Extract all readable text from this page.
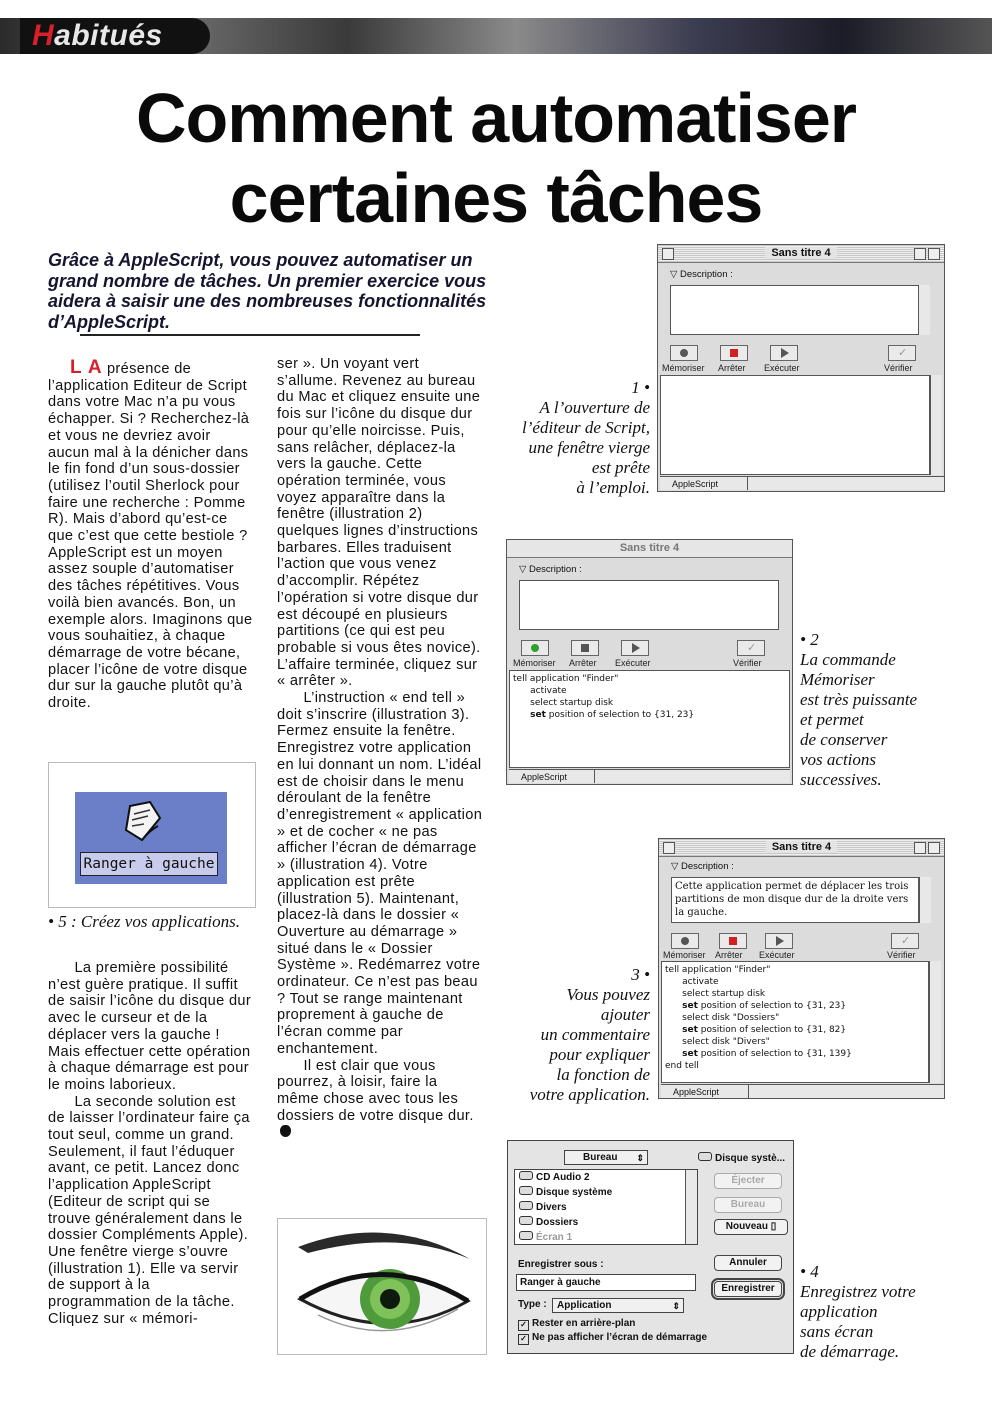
Habitués
Comment automatiser
certaines tâches
Grâce à AppleScript, vous pouvez automatiser un grand nombre de tâches. Un premier exercice vous aidera à saisir une des nombreuses fonctionnalités d’AppleScript.

L A présence de l’application Editeur de Script dans votre Mac n’a pu vous échapper. Si ? Recherchez-là et vous ne devriez avoir aucun mal à la dénicher dans le fin fond d’un sous-dossier (utilisez l’outil Sherlock pour faire une recherche : Pomme R). Mais d’abord qu’est-ce que c’est que cette bestiole ? AppleScript est un moyen assez souple d’automatiser des tâches répétitives. Vous voilà bien avancés. Bon, un exemple alors. Imaginons que vous souhaitiez, à chaque démarrage de votre bécane, placer l’icône de votre disque dur sur la gauche plutôt qu’à droite.

Ranger à gauche
• 5 : Créez vos applications.

La première possibilité n’est guère pratique. Il suffit de saisir l’icône du disque dur avec le curseur et de la déplacer vers la gauche ! Mais effectuer cette opération à chaque démarrage est pour le moins laborieux.

La seconde solution est de laisser l’ordinateur faire ça tout seul, comme un grand. Seulement, il faut l’éduquer avant, ce petit. Lancez donc l’application AppleScript (Editeur de script qui se trouve généralement dans le dossier Compléments Apple). Une fenêtre vierge s’ouvre (illustration 1). Elle va servir de support à la programmation de la tâche. Cliquez sur « mémori-

ser ». Un voyant vert s’allume. Revenez au bureau du Mac et cliquez ensuite une fois sur l’icône du disque dur pour qu’elle noircisse. Puis, sans relâcher, déplacez-la vers la gauche. Cette opération terminée, vous voyez apparaître dans la fenêtre (illustration 2) quelques lignes d’instructions barbares. Elles traduisent l’action que vous venez d’accomplir. Répétez l’opération si votre disque dur est découpé en plusieurs partitions (ce qui est peu probable si vous êtes novice). L’affaire terminée, cliquez sur « arrêter ».

L’instruction « end tell » doit s’inscrire (illustration 3). Fermez ensuite la fenêtre. Enregistrez votre application en lui donnant un nom. L’idéal est de choisir dans le menu déroulant de la fenêtre d’enregistrement « application » et de cocher « ne pas afficher l’écran de démarrage » (illustration 4). Votre application est prête (illustration 5). Maintenant, placez-là dans le dossier « Ouverture au démarrage » situé dans le « Dossier Système ». Redémarrez votre ordinateur. Ce n’est pas beau ? Tout se range maintenant proprement à gauche de l’écran comme par enchantement.

Il est clair que vous pourrez, à loisir, faire la même chose avec tous les dossiers de votre disque dur.

Sans titre 4
▽ Description :
✓
Mémoriser Arrêter Exécuter	Vérifier
AppleScript
1 •
A l’ouverture de
l’éditeur de Script,
une fenêtre vierge
est prête
à l’emploi.
Sans titre 4
▽ Description :
✓
Mémoriser Arrêter Exécuter	Vérifier

tell application "Finder"

activate

select startup disk

set position of selection to {31, 23}

AppleScript
• 2
La commande
Mémoriser
est très puissante
et permet
de conserver
vos actions
successives.
Sans titre 4
▽ Description :
Cette application permet de déplacer les trois
partitions de mon disque dur de la droite vers
la gauche.
✓
Mémoriser Arrêter Exécuter	Vérifier

tell application "Finder"

activate

select startup disk

set position of selection to {31, 23}

select disk "Dossiers"

set position of selection to {31, 82}

select disk "Divers"

set position of selection to {31, 139}

end tell

AppleScript
3 •
Vous pouvez
ajouter
un commentaire
pour expliquer
la fonction de
votre application.
Bureau ⇕	Disque systè...
CD Audio 2
Disque système
Divers
Dossiers
Écran 1
Éjecter
Bureau
Nouveau ▯
Enregistrer sous :	Annuler
Ranger à gauche
Enregistrer
Type :	Application	⇕
✓ Rester en arrière-plan
✓ Ne pas afficher l’écran de démarrage
• 4
Enregistrez votre
application
sans écran
de démarrage.
